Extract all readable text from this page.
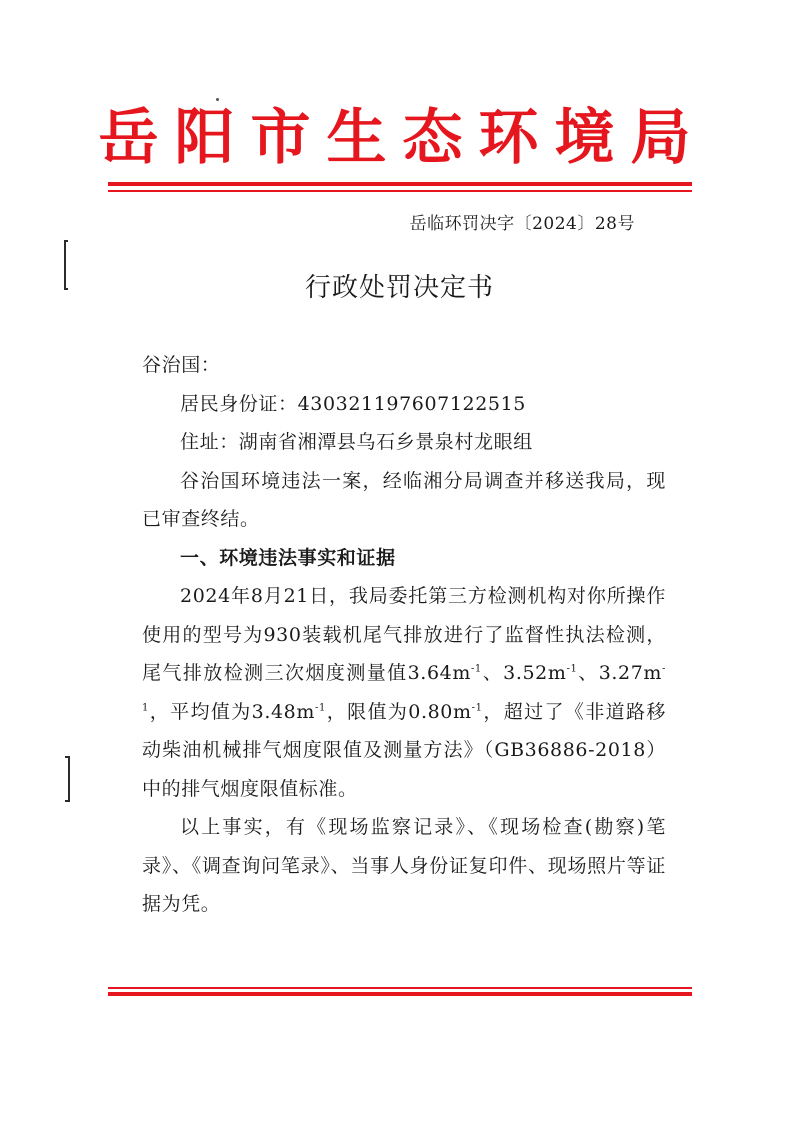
岳阳市生态环境局
岳临环罚决字〔2024〕28号
行政处罚决定书

谷治国：

居民身份证：430321197607122515

住址：湖南省湘潭县乌石乡景泉村龙眼组

谷治国环境违法一案，经临湘分局调查并移送我局，现已审查终结。

一、环境违法事实和证据

2024年8月21日，我局委托第三方检测机构对你所操作使用的型号为930装载机尾气排放进行了监督性执法检测，尾气排放检测三次烟度测量值$3.64m^{-1}$、$3.52m^{-1}$、$3.27m^{-1}$，平均值为$3.48m^{-1}$，限值为$0.80m^{-1}$，超过了《非道路移动柴油机械排气烟度限值及测量方法》（GB36886-2018）中的排气烟度限值标准。

以上事实，有《现场监察记录》、《现场检查(勘察)笔录》、《调查询问笔录》、当事人身份证复印件、现场照片等证据为凭。
